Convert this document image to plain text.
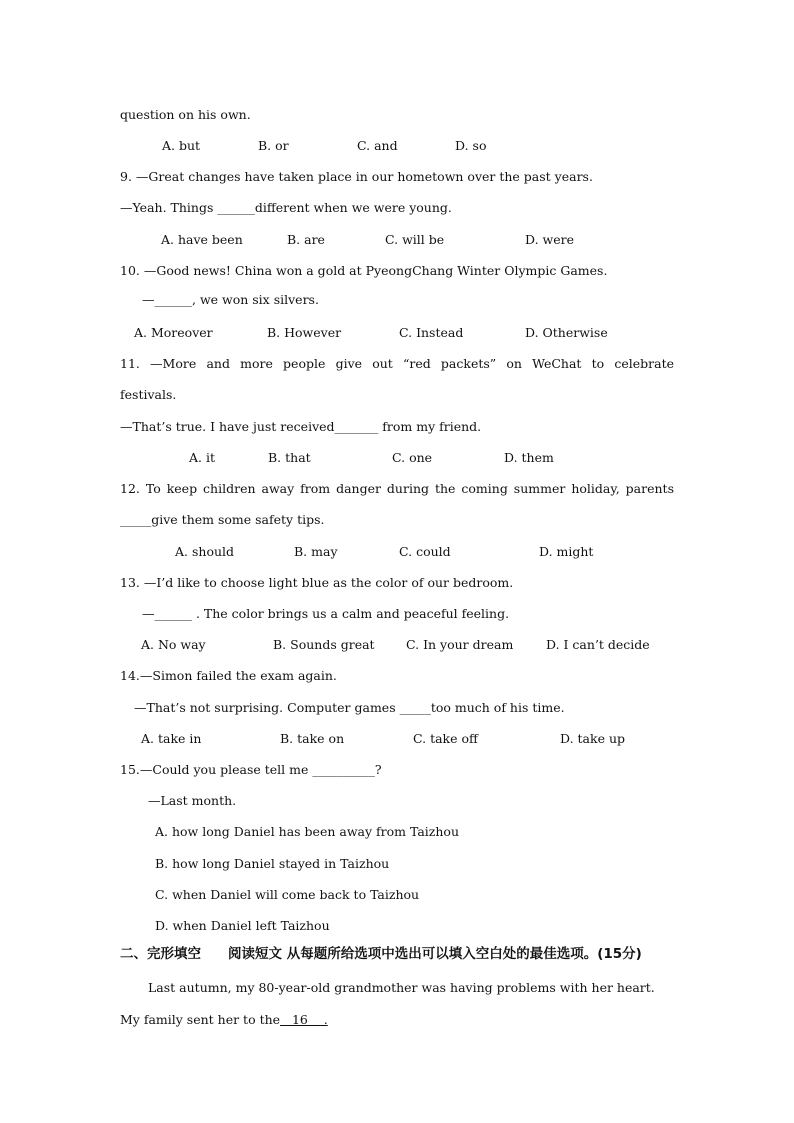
question on his own.
A. but	B. or	C. and	D. so
9. —Great changes have taken place in our hometown over the past years.
—Yeah. Things ______different when we were young.
A. have been	B. are	C. will be	D. were
10. —Good news! China won a gold at PyeongChang Winter Olympic Games.
—______, we won six silvers.
A. Moreover	B. However	C. Instead	D. Otherwise
11. —More and more people give out “red packets” on WeChat to celebrate
festivals.
—That’s true. I have just received_______ from my friend.
A. it	B. that	C. one	D. them
12. To keep children away from danger during the coming summer holiday, parents
_____give them some safety tips.
A. should	B. may	C. could	D. might
13. —I’d like to choose light blue as the color of our bedroom.
—______ . The color brings us a calm and peaceful feeling.
A. No way	B. Sounds great	C. In your dream	D. I can’t decide
14.—Simon failed the exam again.
—That’s not surprising. Computer games _____too much of his time.
A. take in	B. take on	C. take off	D. take up
15.—Could you please tell me __________?
—Last month.
A. how long Daniel has been away from Taizhou
B. how long Daniel stayed in Taizhou
C. when Daniel will come back to Taizhou
D. when Daniel left Taizhou
二、完形填空　　阅读短文 从每题所给选项中选出可以填入空白处的最佳选项。(15分)
Last autumn, my 80-year-old grandmother was having problems with her heart.
My family sent her to the   16    .
